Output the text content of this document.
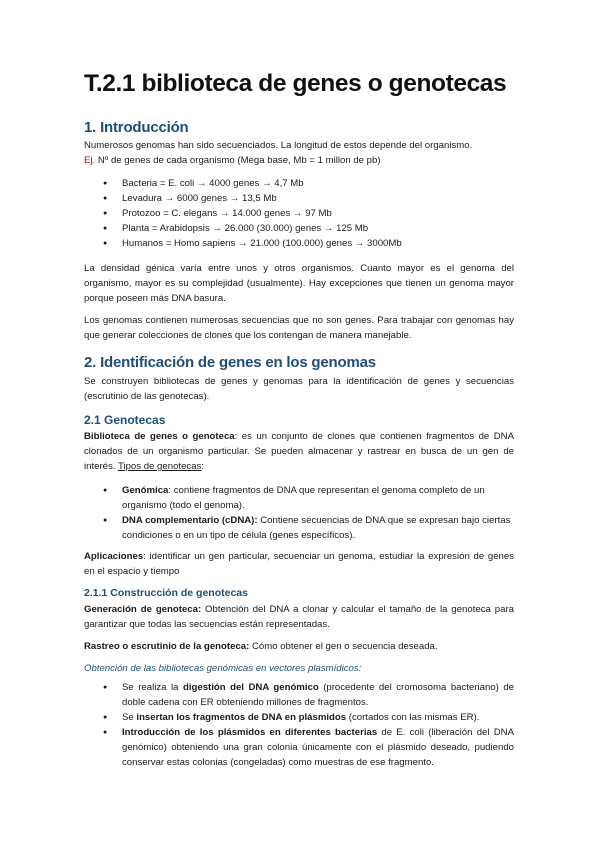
T.2.1 biblioteca de genes o genotecas
1. Introducción

Numerosos genomas han sido secuenciados. La longitud de estos depende del organismo.

Ej. Nº de genes de cada organismo (Mega base, Mb = 1 millon de pb)

● Bacteria = E. coli → 4000 genes → 4,7 Mb
● Levadura → 6000 genes → 13,5 Mb
● Protozoo = C. elegans → 14.000 genes → 97 Mb
● Planta = Arabidopsis → 26.000 (30.000) genes → 125 Mb
● Humanos = Homo sapiens → 21.000 (100.000) genes → 3000Mb

La densidad génica varía entre unos y otros organismos. Cuanto mayor es el genoma del organismo, mayor es su complejidad (usualmente). Hay excepciones que tienen un genoma mayor porque poseen más DNA basura.

Los genomas contienen numerosas secuencias que no son genes. Para trabajar con genomas hay que generar colecciones de clones que los contengan de manera manejable.

2. Identificación de genes en los genomas

Se construyen bibliotecas de genes y genomas para la identificación de genes y secuencias (escrutinio de las genotecas).

2.1 Genotecas

Biblioteca de genes o genoteca: es un conjunto de clones que contienen fragmentos de DNA clonados de un organismo particular. Se pueden almacenar y rastrear en busca de un gen de interés. Tipos de genotecas:

● Genómica: contiene fragmentos de DNA que representan el genoma completo de un organismo (todo el genoma).
● DNA complementario (cDNA): Contiene secuencias de DNA que se expresan bajo ciertas condiciones o en un tipo de célula (genes específicos).

Aplicaciones: identificar un gen particular, secuenciar un genoma, estudiar la expresión de genes en el espacio y tiempo

2.1.1 Construcción de genotecas

Generación de genoteca: Obtención del DNA a clonar y calcular el tamaño de la genoteca para garantizar que todas las secuencias están representadas.

Rastreo o escrutinio de la genoteca: Cómo obtener el gen o secuencia deseada.

Obtención de las bibliotecas genómicas en vectores plasmídicos:

● Se realiza la digestión del DNA genómico (procedente del cromosoma bacteriano) de doble cadena con ER obteniendo millones de fragmentos.
● Se insertan los fragmentos de DNA en plásmidos (cortados con las mismas ER).
● Introducción de los plásmidos en diferentes bacterias de E. coli (liberación del DNA genómico) obteniendo una gran colonia únicamente con el plásmido deseado, pudiendo conservar estas colonias (congeladas) como muestras de ese fragmento.
